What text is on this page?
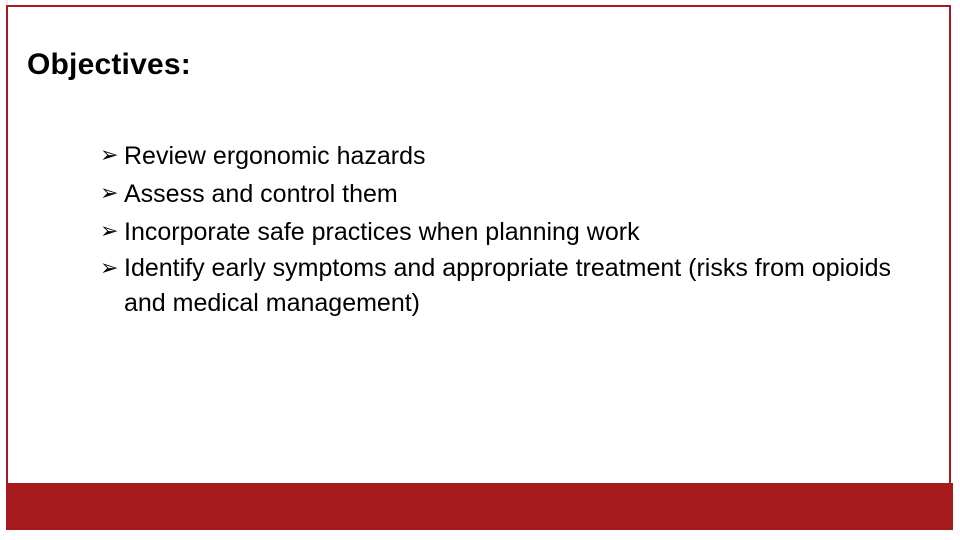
Objectives:
➢ Review ergonomic hazards
➢ Assess and control them
➢ Incorporate safe practices when planning work
➢ Identify early symptoms and appropriate treatment (risks from opioids and medical management)
